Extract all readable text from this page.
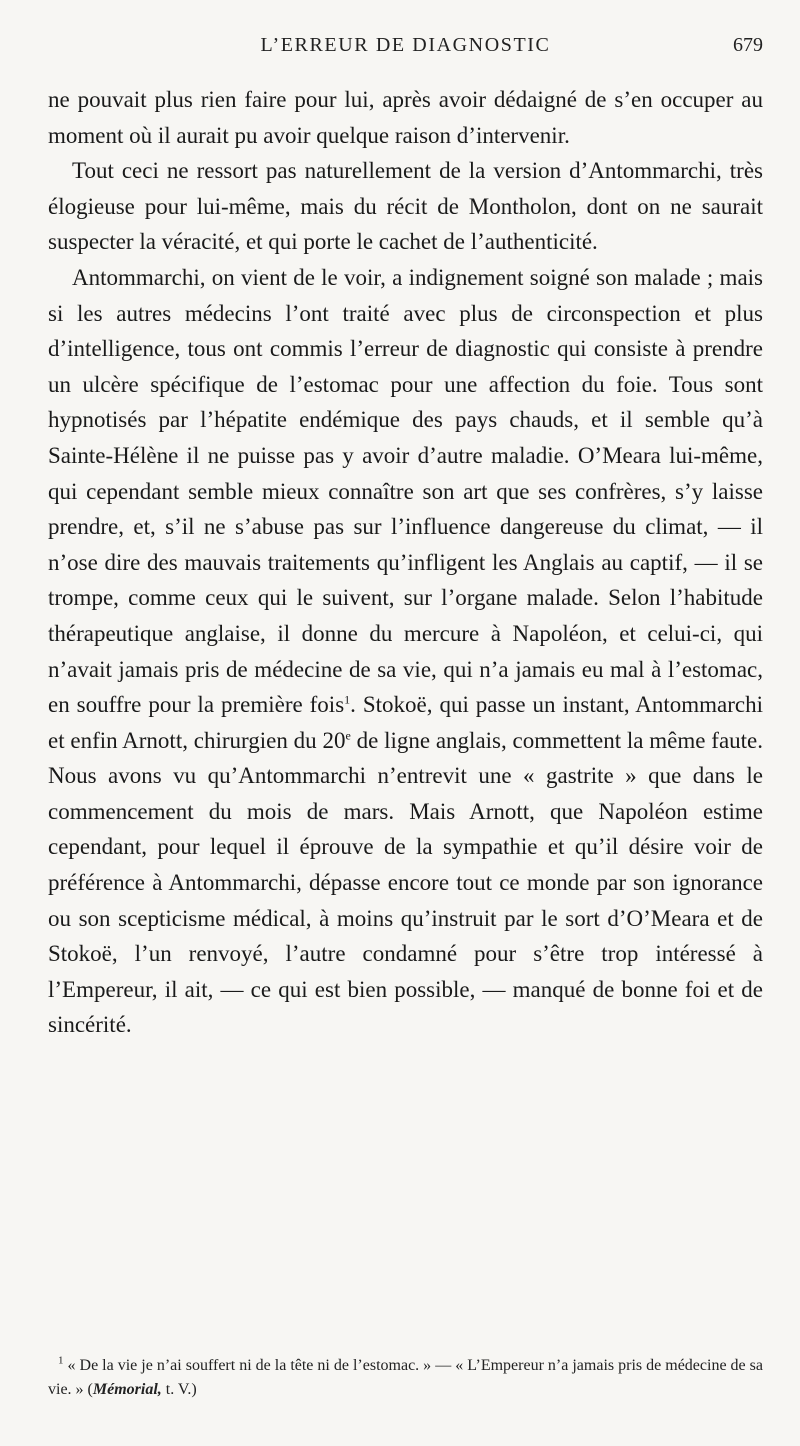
L’ERREUR DE DIAGNOSTIC	679

ne pouvait plus rien faire pour lui, après avoir dédaigné de s’en occuper au moment où il aurait pu avoir quelque raison d’intervenir.

Tout ceci ne ressort pas naturellement de la version d’Antommarchi, très élogieuse pour lui-même, mais du récit de Montholon, dont on ne saurait suspecter la véracité, et qui porte le cachet de l’authenticité.

Antommarchi, on vient de le voir, a indignement soigné son malade ; mais si les autres médecins l’ont traité avec plus de circonspection et plus d’intelligence, tous ont commis l’erreur de diagnostic qui consiste à prendre un ulcère spécifique de l’estomac pour une affection du foie. Tous sont hypnotisés par l’hépatite endémique des pays chauds, et il semble qu’à Sainte-Hélène il ne puisse pas y avoir d’autre maladie. O’Meara lui-même, qui cependant semble mieux connaître son art que ses confrères, s’y laisse prendre, et, s’il ne s’abuse pas sur l’influence dangereuse du climat, — il n’ose dire des mauvais traitements qu’infligent les Anglais au captif, — il se trompe, comme ceux qui le suivent, sur l’organe malade. Selon l’habitude thérapeutique anglaise, il donne du mercure à Napoléon, et celui-ci, qui n’avait jamais pris de médecine de sa vie, qui n’a jamais eu mal à l’estomac, en souffre pour la première fois$^1$. Stokoë, qui passe un instant, Antommarchi et enfin Arnott, chirurgien du 20e de ligne anglais, commettent la même faute. Nous avons vu qu’Antommarchi n’entrevit une « gastrite » que dans le commencement du mois de mars. Mais Arnott, que Napoléon estime cependant, pour lequel il éprouve de la sympathie et qu’il désire voir de préférence à Antommarchi, dépasse encore tout ce monde par son ignorance ou son scepticisme médical, à moins qu’instruit par le sort d’O’Meara et de Stokoë, l’un renvoyé, l’autre condamné pour s’être trop intéressé à l’Empereur, il ait, — ce qui est bien possible, — manqué de bonne foi et de sincérité.

$^1$ « De la vie je n’ai souffert ni de la tête ni de l’estomac. » — « L’Empereur n’a jamais pris de médecine de sa vie. » (Mémorial, t. V.)
